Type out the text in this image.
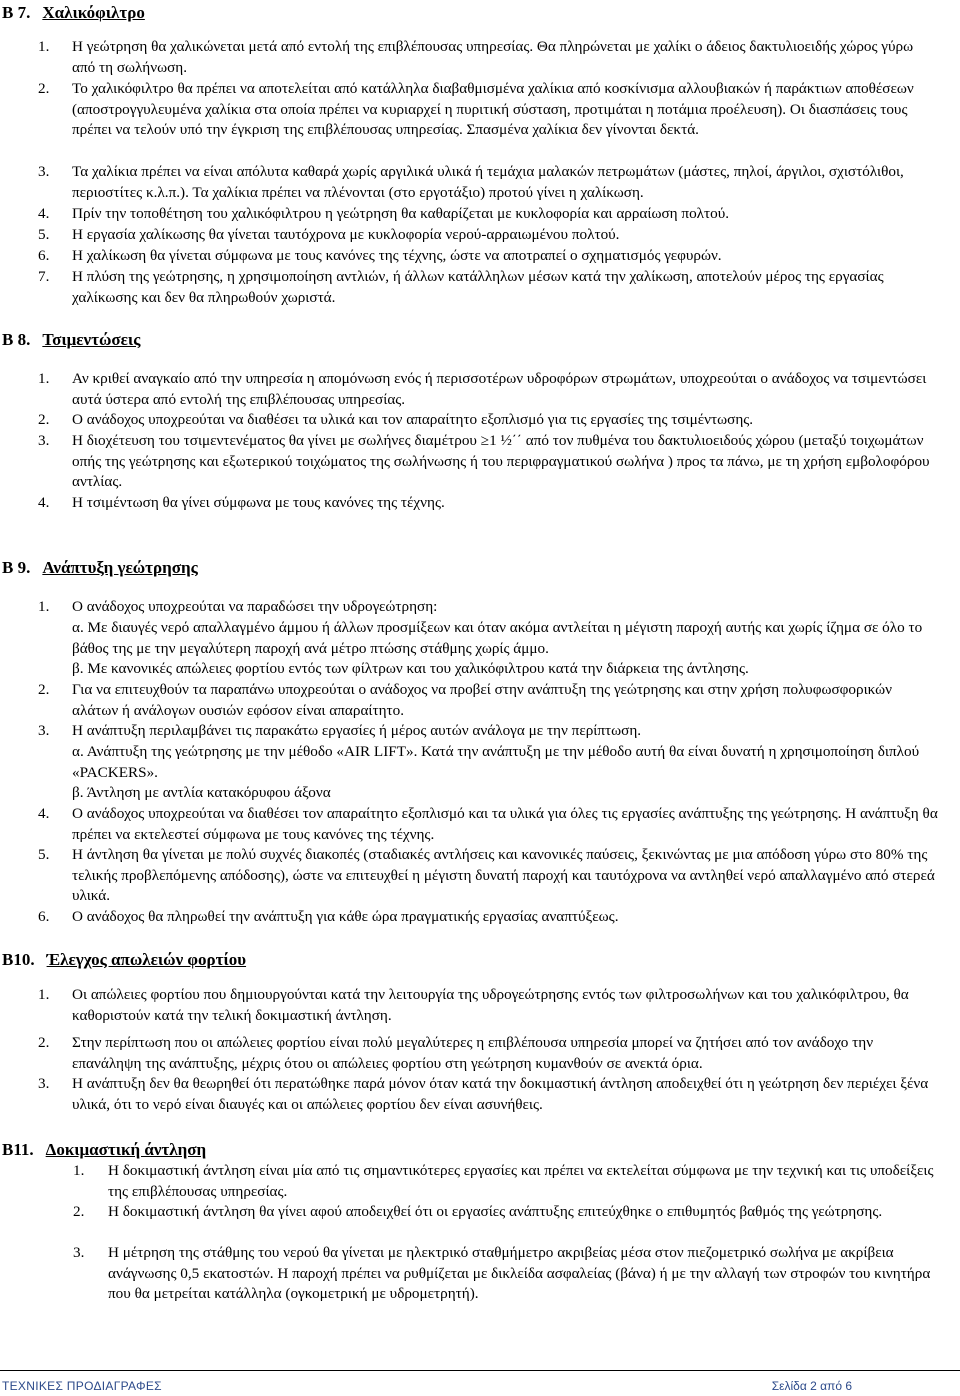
Β 7. Χαλικόφιλτρο
1. Η γεώτρηση θα χαλικώνεται μετά από εντολή της επιβλέπουσας υπηρεσίας. Θα πληρώνεται με χαλίκι ο άδειος δακτυλιοειδής χώρος γύρω από τη σωλήνωση.
2. Το χαλικόφιλτρο θα πρέπει να αποτελείται από κατάλληλα διαβαθμισμένα χαλίκια από κοσκίνισμα αλλουβιακών ή παράκτιων αποθέσεων (αποστρογγυλευμένα χαλίκια στα οποία πρέπει να κυριαρχεί η πυριτική σύσταση, προτιμάται η ποτάμια προέλευση). Οι διασπάσεις τους πρέπει να τελούν υπό την έγκριση της επιβλέπουσας υπηρεσίας. Σπασμένα χαλίκια δεν γίνονται δεκτά.
3. Τα χαλίκια πρέπει να είναι απόλυτα καθαρά χωρίς αργιλικά υλικά ή τεμάχια μαλακών πετρωμάτων (μάστες, πηλοί, άργιλοι, σχιστόλιθοι, περιοστίτες κ.λ.π.). Τα χαλίκια πρέπει να πλένονται (στο εργοτάξιο) προτού γίνει η χαλίκωση.
4. Πρίν την τοποθέτηση του χαλικόφιλτρου η γεώτρηση θα καθαρίζεται με κυκλοφορία και αρραίωση πολτού.
5. Η εργασία χαλίκωσης θα γίνεται ταυτόχρονα με κυκλοφορία νερού-αρραιωμένου πολτού.
6. Η χαλίκωση θα γίνεται σύμφωνα με τους κανόνες της τέχνης, ώστε να αποτραπεί ο σχηματισμός γεφυρών.
7. Η πλύση της γεώτρησης, η χρησιμοποίηση αντλιών, ή άλλων κατάλληλων μέσων κατά την χαλίκωση, αποτελούν μέρος της εργασίας χαλίκωσης και δεν θα πληρωθούν χωριστά.
Β 8. Τσιμεντώσεις
1. Αν κριθεί αναγκαίο από την υπηρεσία η απομόνωση ενός ή περισσοτέρων υδροφόρων στρωμάτων, υποχρεούται ο ανάδοχος να τσιμεντώσει αυτά ύστερα από εντολή της επιβλέπουσας υπηρεσίας.
2. Ο ανάδοχος υποχρεούται να διαθέσει τα υλικά και τον απαραίτητο εξοπλισμό για τις εργασίες της τσιμέντωσης.
3. Η διοχέτευση του τσιμεντενέματος θα γίνει με σωλήνες διαμέτρου ≥1 ½΄΄ από τον πυθμένα του δακτυλιοειδούς χώρου (μεταξύ τοιχωμάτων οπής της γεώτρησης και εξωτερικού τοιχώματος της σωλήνωσης ή του περιφραγματικού σωλήνα ) προς τα πάνω, με τη χρήση εμβολοφόρου αντλίας.
4. Η τσιμέντωση θα γίνει σύμφωνα με τους κανόνες της τέχνης.
Β 9. Ανάπτυξη γεώτρησης
1. Ο ανάδοχος υποχρεούται να παραδώσει την υδρογεώτρηση:
α. Με διαυγές νερό απαλλαγμένο άμμου ή άλλων προσμίξεων και όταν ακόμα αντλείται η μέγιστη παροχή αυτής και χωρίς ίζημα σε όλο το βάθος της με την μεγαλύτερη παροχή ανά μέτρο πτώσης στάθμης χωρίς άμμο.
β. Με κανονικές απώλειες φορτίου εντός των φίλτρων και του χαλικόφιλτρου κατά την διάρκεια της άντλησης.
2. Για να επιτευχθούν τα παραπάνω υποχρεούται ο ανάδοχος να προβεί στην ανάπτυξη της γεώτρησης και στην χρήση πολυφωσφορικών αλάτων ή ανάλογων ουσιών εφόσον είναι απαραίτητο.
3. Η ανάπτυξη περιλαμβάνει τις παρακάτω εργασίες ή μέρος αυτών ανάλογα με την περίπτωση.
α. Ανάπτυξη της γεώτρησης με την μέθοδο «AIR LIFT». Κατά την ανάπτυξη με την μέθοδο αυτή θα είναι δυνατή η χρησιμοποίηση διπλού «PACKERS».
β. Άντληση με αντλία κατακόρυφου άξονα
4. Ο ανάδοχος υποχρεούται να διαθέσει τον απαραίτητο εξοπλισμό και τα υλικά για όλες τις εργασίες ανάπτυξης της γεώτρησης. Η ανάπτυξη θα πρέπει να εκτελεστεί σύμφωνα με τους κανόνες της τέχνης.
5. Η άντληση θα γίνεται με πολύ συχνές διακοπές (σταδιακές αντλήσεις και κανονικές παύσεις, ξεκινώντας με μια απόδοση γύρω στο 80% της τελικής προβλεπόμενης απόδοσης), ώστε να επιτευχθεί η μέγιστη δυνατή παροχή και ταυτόχρονα να αντληθεί νερό απαλλαγμένο από στερεά υλικά.
6. Ο ανάδοχος θα πληρωθεί την ανάπτυξη για κάθε ώρα πραγματικής εργασίας αναπτύξεως.
Β10. Έλεγχος απωλειών φορτίου
1. Οι απώλειες φορτίου που δημιουργούνται κατά την λειτουργία της υδρογεώτρησης εντός των φιλτροσωλήνων και του χαλικόφιλτρου, θα καθοριστούν κατά την τελική δοκιμαστική άντληση.
2. Στην περίπτωση που οι απώλειες φορτίου είναι πολύ μεγαλύτερες η επιβλέπουσα υπηρεσία μπορεί να ζητήσει από τον ανάδοχο την επανάληψη της ανάπτυξης, μέχρις ότου οι απώλειες φορτίου στη γεώτρηση κυμανθούν σε ανεκτά όρια.
3. Η ανάπτυξη δεν θα θεωρηθεί ότι περατώθηκε παρά μόνον όταν κατά την δοκιμαστική άντληση αποδειχθεί ότι η γεώτρηση δεν περιέχει ξένα υλικά, ότι το νερό είναι διαυγές και οι απώλειες φορτίου δεν είναι ασυνήθεις.
Β11. Δοκιμαστική άντληση
1. Η δοκιμαστική άντληση είναι μία από τις σημαντικότερες εργασίες και πρέπει να εκτελείται σύμφωνα με την τεχνική και τις υποδείξεις της επιβλέπουσας υπηρεσίας.
2. Η δοκιμαστική άντληση θα γίνει αφού αποδειχθεί ότι οι εργασίες ανάπτυξης επιτεύχθηκε ο επιθυμητός βαθμός της γεώτρησης.
3. Η μέτρηση της στάθμης του νερού θα γίνεται με ηλεκτρικό σταθμήμετρο ακριβείας μέσα στον πιεζομετρικό σωλήνα με ακρίβεια ανάγνωσης 0,5 εκατοστών. Η παροχή πρέπει να ρυθμίζεται με δικλείδα ασφαλείας (βάνα) ή με την αλλαγή των στροφών του κινητήρα που θα μετρείται κατάλληλα (ογκομετρική με υδρομετρητή).
ΤΕΧΝΙΚΕΣ ΠΡΟΔΙΑΓΡΑΦΕΣ	Σελίδα 2 από 6
